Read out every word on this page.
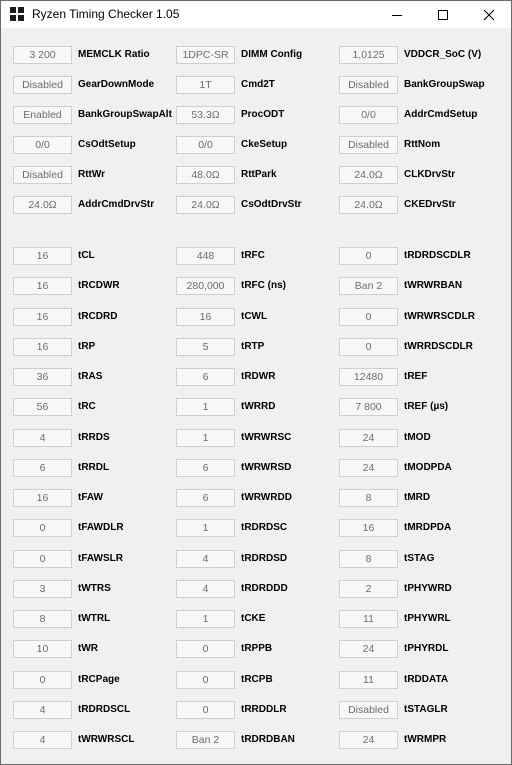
Ryzen Timing Checker 1.05
3 200	MEMCLK Ratio	1DPC-SR	DIMM Config	1,0125	VDDCR_SoC (V)
Disabled	GearDownMode	1T	Cmd2T	Disabled	BankGroupSwap
Enabled	BankGroupSwapAlt	53.3Ω	ProcODT	0/0	AddrCmdSetup
0/0	CsOdtSetup	0/0	CkeSetup	Disabled	RttNom
Disabled	RttWr	48.0Ω	RttPark	24.0Ω	CLKDrvStr
24.0Ω	AddrCmdDrvStr	24.0Ω	CsOdtDrvStr	24.0Ω	CKEDrvStr
16	tCL	448	tRFC	0	tRDRDSCDLR
16	tRCDWR	280,000	tRFC (ns)	Ban 2	tWRWRBAN
16	tRCDRD	16	tCWL	0	tWRWRSCDLR
16	tRP	5	tRTP	0	tWRRDSCDLR
36	tRAS	6	tRDWR	12480	tREF
56	tRC	1	tWRRD	7 800	tREF (µs)
4	tRRDS	1	tWRWRSC	24	tMOD
6	tRRDL	6	tWRWRSD	24	tMODPDA
16	tFAW	6	tWRWRDD	8	tMRD
0	tFAWDLR	1	tRDRDSC	16	tMRDPDA
0	tFAWSLR	4	tRDRDSD	8	tSTAG
3	tWTRS	4	tRDRDDD	2	tPHYWRD
8	tWTRL	1	tCKE	11	tPHYWRL
10	tWR	0	tRPPB	24	tPHYRDL
0	tRCPage	0	tRCPB	11	tRDDATA
4	tRDRDSCL	0	tRRDDLR	Disabled	tSTAGLR
4	tWRWRSCL	Ban 2	tRDRDBAN	24	tWRMPR
